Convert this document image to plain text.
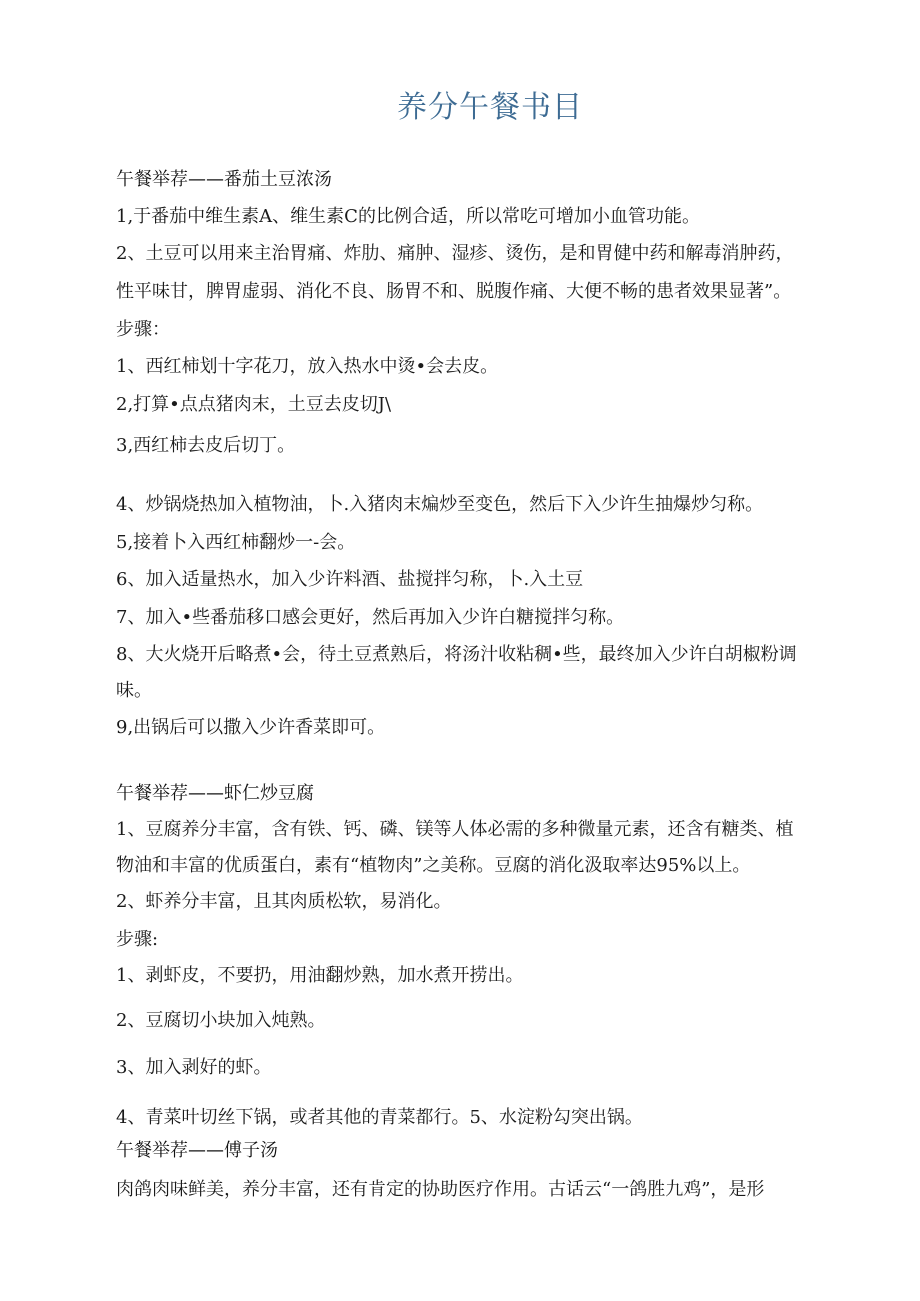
养分午餐书目
午餐举荐——番茄土豆浓汤
1,于番茄中维生素A、维生素C的比例合适，所以常吃可增加小血管功能。
2、土豆可以用来主治胃痛、炸肋、痛肿、湿疹、烫伤，是和胃健中药和解毒消肿药，
性平味甘，脾胃虚弱、消化不良、肠胃不和、脱腹作痛、大便不畅的患者效果显著”。
步骤：
1、西红柿划十字花刀，放入热水中烫•会去皮。
2,打算•点点猪肉末，土豆去皮切J\
3,西红柿去皮后切丁。
4、炒锅烧热加入植物油，卜.入猪肉末煸炒至变色，然后下入少许生抽爆炒匀称。
5,接着卜入西红柿翻炒一-会。
6、加入适量热水，加入少许料酒、盐搅拌匀称，卜.入土豆
7、加入•些番茄移口感会更好，然后再加入少许白糖搅拌匀称。
8、大火烧开后略煮•会，待土豆煮熟后，将汤汁收粘稠•些，最终加入少许白胡椒粉调
味。
9,出锅后可以撒入少许香菜即可。
午餐举荐——虾仁炒豆腐
1、豆腐养分丰富，含有铁、钙、磷、镁等人体必需的多种微量元素，还含有糖类、植
物油和丰富的优质蛋白，素有“植物肉”之美称。豆腐的消化汲取率达95%以上。
2、虾养分丰富，且其肉质松软，易消化。
步骤:
1、剥虾皮，不要扔，用油翻炒熟，加水煮开捞出。
2、豆腐切小块加入炖熟。
3、加入剥好的虾。
4、青菜叶切丝下锅，或者其他的青菜都行。5、水淀粉勾突出锅。
午餐举荐——傅子汤
肉鸽肉味鲜美，养分丰富，还有肯定的协助医疗作用。古话云“一鸽胜九鸡”，是形
